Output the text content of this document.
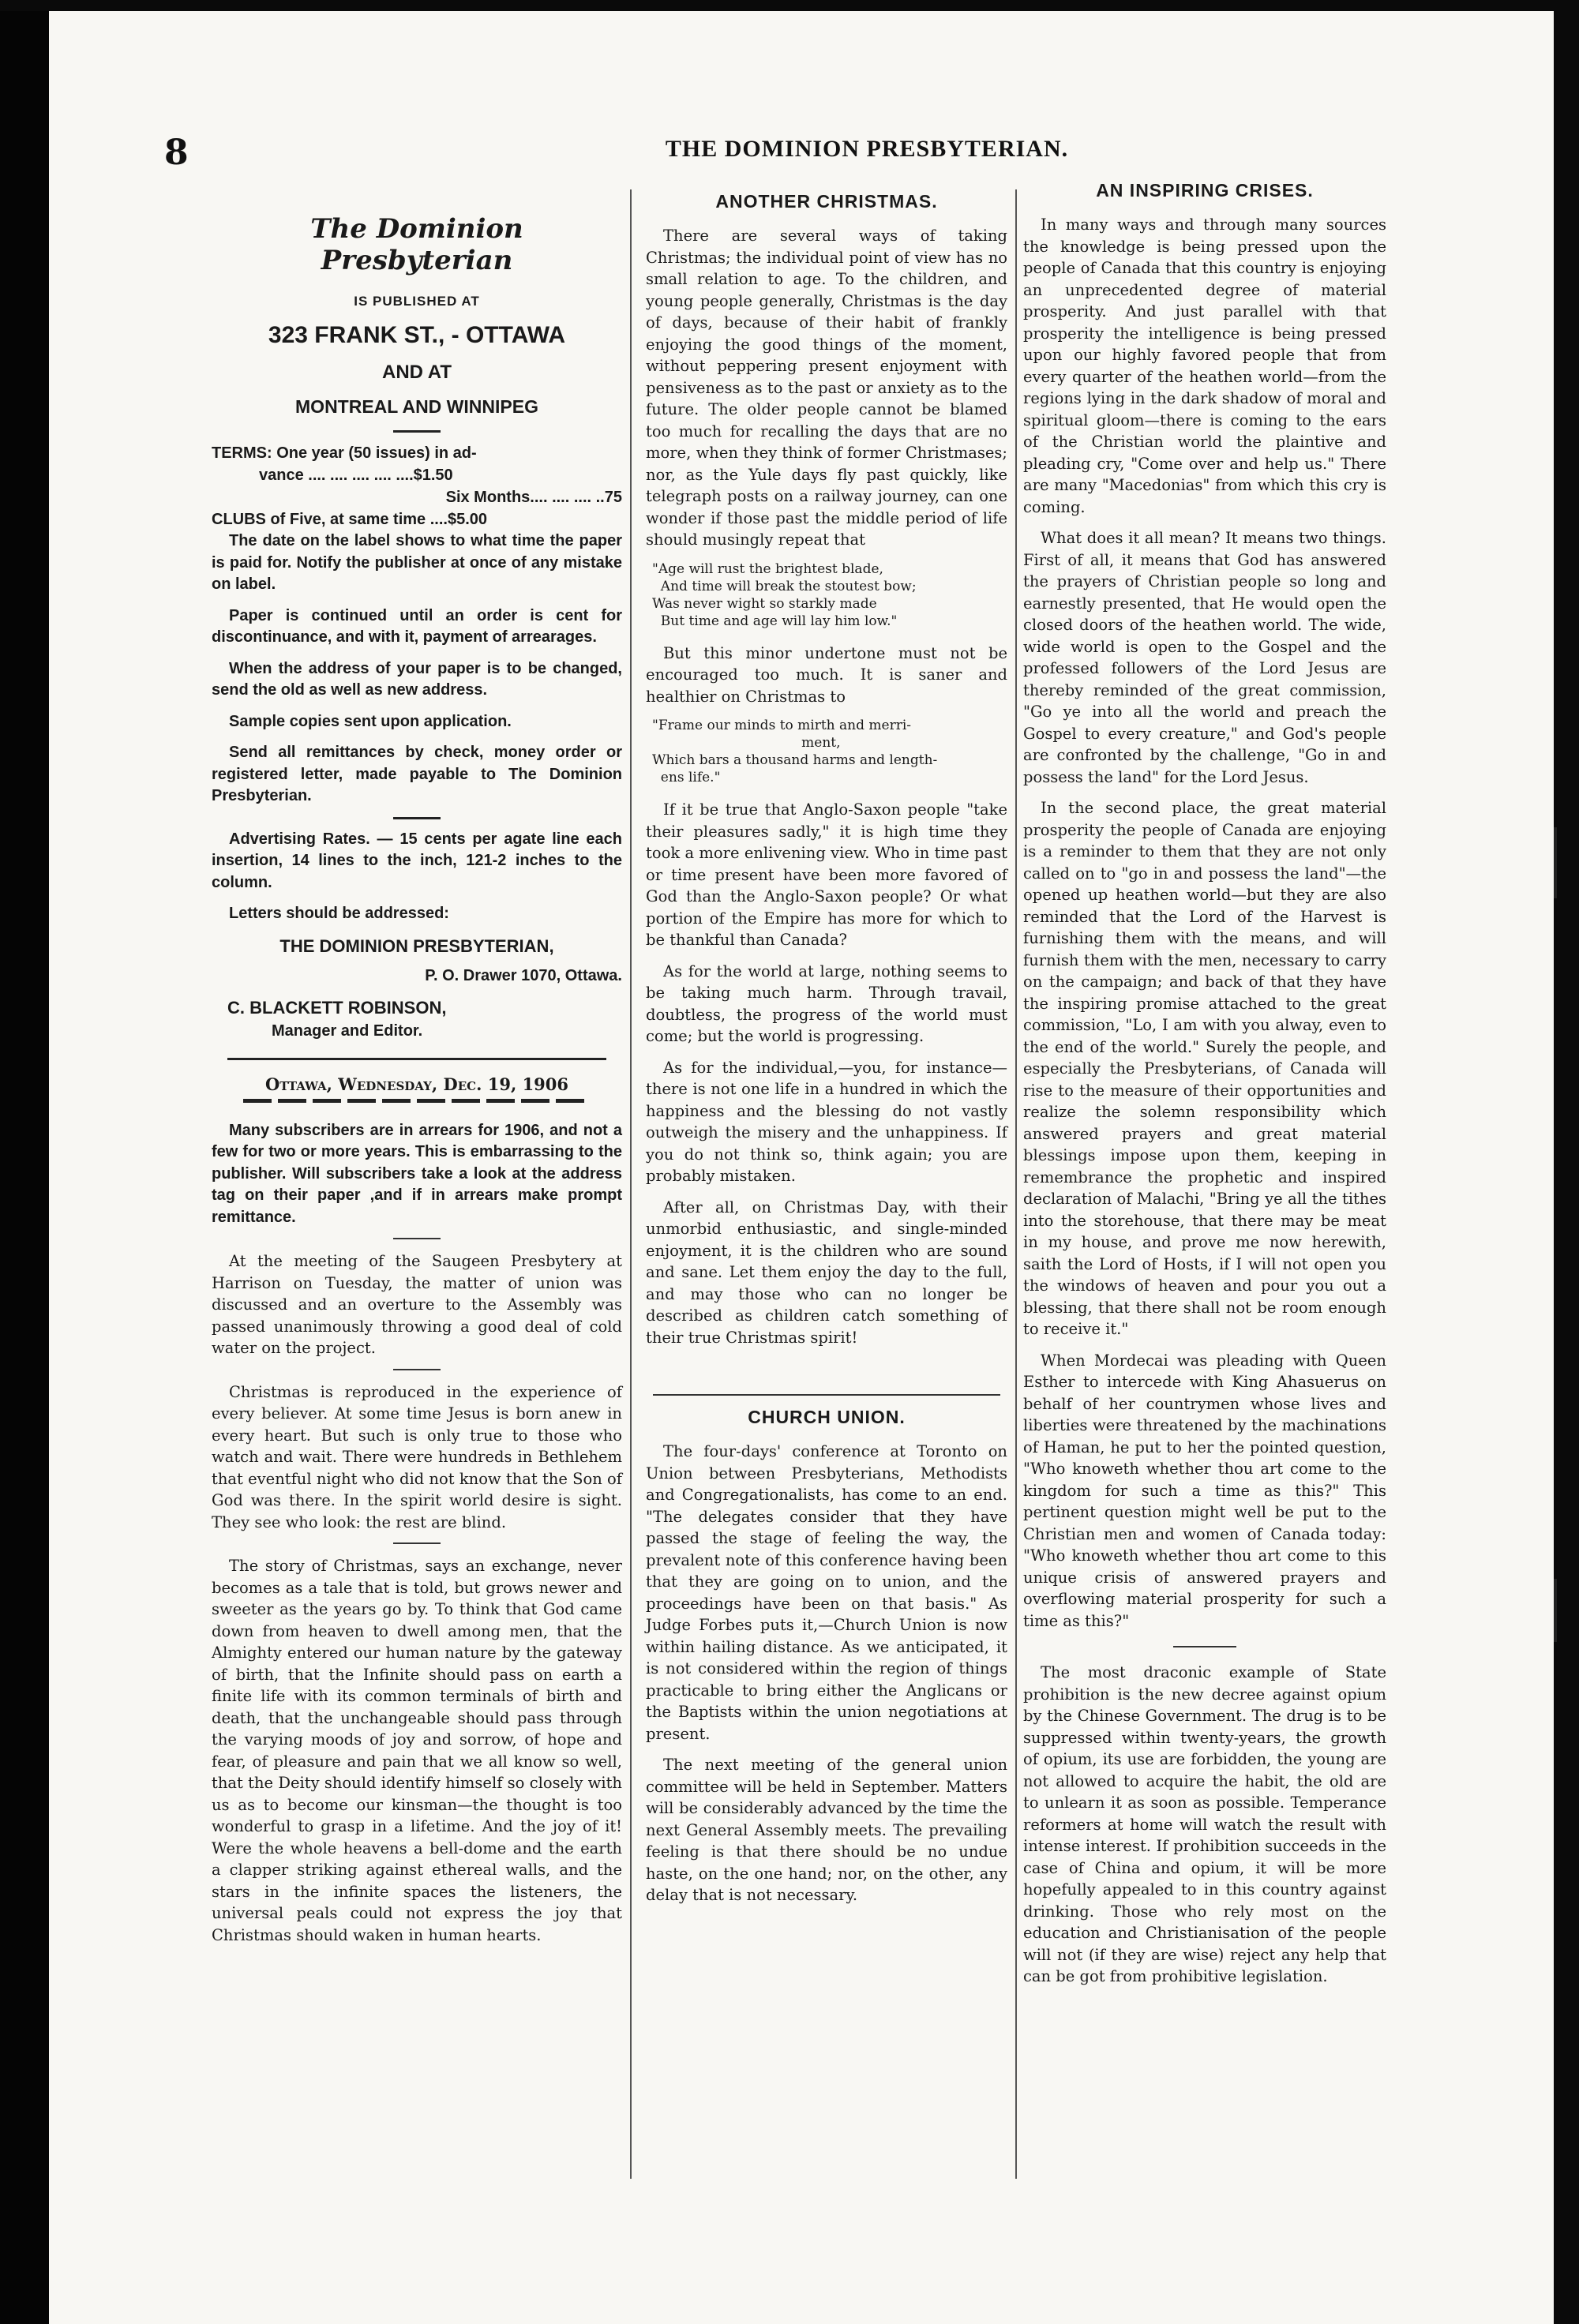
8	THE DOMINION PRESBYTERIAN.
The Dominion Presbyterian
IS PUBLISHED AT
323 FRANK ST., - OTTAWA
AND AT
MONTREAL AND WINNIPEG
TERMS: One year (50 issues) in ad-
vance .... .... .... .... ....$1.50
Six Months.... .... .... ..75
CLUBS of Five, at same time ....$5.00

The date on the label shows to what time the paper is paid for. Notify the publisher at once of any mistake on label.

Paper is continued until an order is cent for discontinuance, and with it, payment of arrearages.

When the address of your paper is to be changed, send the old as well as new address.

Sample copies sent upon application.

Send all remittances by check, money order or registered letter, made payable to The Dominion Presbyterian.

Advertising Rates. — 15 cents per agate line each insertion, 14 lines to the inch, 121-2 inches to the column.

Letters should be addressed:

THE DOMINION PRESBYTERIAN,
P. O. Drawer 1070, Ottawa.
C. BLACKETT ROBINSON,
Manager and Editor.
Ottawa, Wednesday, Dec. 19, 1906

Many subscribers are in arrears for 1906, and not a few for two or more years. This is embarrassing to the publisher. Will subscribers take a look at the address tag on their paper ,and if in arrears make prompt remittance.

At the meeting of the Saugeen Presbytery at Harrison on Tuesday, the matter of union was discussed and an overture to the Assembly was passed unanimously throwing a good deal of cold water on the project.

Christmas is reproduced in the experience of every believer. At some time Jesus is born anew in every heart. But such is only true to those who watch and wait. There were hundreds in Bethlehem that eventful night who did not know that the Son of God was there. In the spirit world desire is sight. They see who look: the rest are blind.

The story of Christmas, says an exchange, never becomes as a tale that is told, but grows newer and sweeter as the years go by. To think that God came down from heaven to dwell among men, that the Almighty entered our human nature by the gateway of birth, that the Infinite should pass on earth a finite life with its common terminals of birth and death, that the unchangeable should pass through the varying moods of joy and sorrow, of hope and fear, of pleasure and pain that we all know so well, that the Deity should identify himself so closely with us as to become our kinsman—the thought is too wonderful to grasp in a lifetime. And the joy of it! Were the whole heavens a bell-dome and the earth a clapper striking against ethereal walls, and the stars in the infinite spaces the listeners, the universal peals could not express the joy that Christmas should waken in human hearts.

ANOTHER CHRISTMAS.

There are several ways of taking Christmas; the individual point of view has no small relation to age. To the children, and young people generally, Christmas is the day of days, because of their habit of frankly enjoying the good things of the moment, without peppering present enjoyment with pensiveness as to the past or anxiety as to the future. The older people cannot be blamed too much for recalling the days that are no more, when they think of former Christmases; nor, as the Yule days fly past quickly, like telegraph posts on a railway journey, can one wonder if those past the middle period of life should musingly repeat that

"Age will rust the brightest blade,
And time will break the stoutest bow;
Was never wight so starkly made
But time and age will lay him low."

But this minor undertone must not be encouraged too much. It is saner and healthier on Christmas to

"Frame our minds to mirth and merri-
ment,
Which bars a thousand harms and length-
ens life."

If it be true that Anglo-Saxon people "take their pleasures sadly," it is high time they took a more enlivening view. Who in time past or time present have been more favored of God than the Anglo-Saxon people? Or what portion of the Empire has more for which to be thankful than Canada?

As for the world at large, nothing seems to be taking much harm. Through travail, doubtless, the progress of the world must come; but the world is progressing.

As for the individual,—you, for instance—there is not one life in a hundred in which the happiness and the blessing do not vastly outweigh the misery and the unhappiness. If you do not think so, think again; you are probably mistaken.

After all, on Christmas Day, with their unmorbid enthusiastic, and single-minded enjoyment, it is the children who are sound and sane. Let them enjoy the day to the full, and may those who can no longer be described as children catch something of their true Christmas spirit!

CHURCH UNION.

The four-days' conference at Toronto on Union between Presbyterians, Methodists and Congregationalists, has come to an end. "The delegates consider that they have passed the stage of feeling the way, the prevalent note of this conference having been that they are going on to union, and the proceedings have been on that basis." As Judge Forbes puts it,—Church Union is now within hailing distance. As we anticipated, it is not considered within the region of things practicable to bring either the Anglicans or the Baptists within the union negotiations at present.

The next meeting of the general union committee will be held in September. Matters will be considerably advanced by the time the next General Assembly meets. The prevailing feeling is that there should be no undue haste, on the one hand; nor, on the other, any delay that is not necessary.

AN INSPIRING CRISES.

In many ways and through many sources the knowledge is being pressed upon the people of Canada that this country is enjoying an unprecedented degree of material prosperity. And just parallel with that prosperity the intelligence is being pressed upon our highly favored people that from every quarter of the heathen world—from the regions lying in the dark shadow of moral and spiritual gloom—there is coming to the ears of the Christian world the plaintive and pleading cry, "Come over and help us." There are many "Macedonias" from which this cry is coming.

What does it all mean? It means two things. First of all, it means that God has answered the prayers of Christian people so long and earnestly presented, that He would open the closed doors of the heathen world. The wide, wide world is open to the Gospel and the professed followers of the Lord Jesus are thereby reminded of the great commission, "Go ye into all the world and preach the Gospel to every creature," and God's people are confronted by the challenge, "Go in and possess the land" for the Lord Jesus.

In the second place, the great material prosperity the people of Canada are enjoying is a reminder to them that they are not only called on to "go in and possess the land"—the opened up heathen world—but they are also reminded that the Lord of the Harvest is furnishing them with the means, and will furnish them with the men, necessary to carry on the campaign; and back of that they have the inspiring promise attached to the great commission, "Lo, I am with you alway, even to the end of the world." Surely the people, and especially the Presbyterians, of Canada will rise to the measure of their opportunities and realize the solemn responsibility which answered prayers and great material blessings impose upon them, keeping in remembrance the prophetic and inspired declaration of Malachi, "Bring ye all the tithes into the storehouse, that there may be meat in my house, and prove me now herewith, saith the Lord of Hosts, if I will not open you the windows of heaven and pour you out a blessing, that there shall not be room enough to receive it."

When Mordecai was pleading with Queen Esther to intercede with King Ahasuerus on behalf of her countrymen whose lives and liberties were threatened by the machinations of Haman, he put to her the pointed question, "Who knoweth whether thou art come to the kingdom for such a time as this?" This pertinent question might well be put to the Christian men and women of Canada today: "Who knoweth whether thou art come to this unique crisis of answered prayers and overflowing material prosperity for such a time as this?"

The most draconic example of State prohibition is the new decree against opium by the Chinese Government. The drug is to be suppressed within twenty-years, the growth of opium, its use are forbidden, the young are not allowed to acquire the habit, the old are to unlearn it as soon as possible. Temperance reformers at home will watch the result with intense interest. If prohibition succeeds in the case of China and opium, it will be more hopefully appealed to in this country against drinking. Those who rely most on the education and Christianisation of the people will not (if they are wise) reject any help that can be got from prohibitive legislation.
